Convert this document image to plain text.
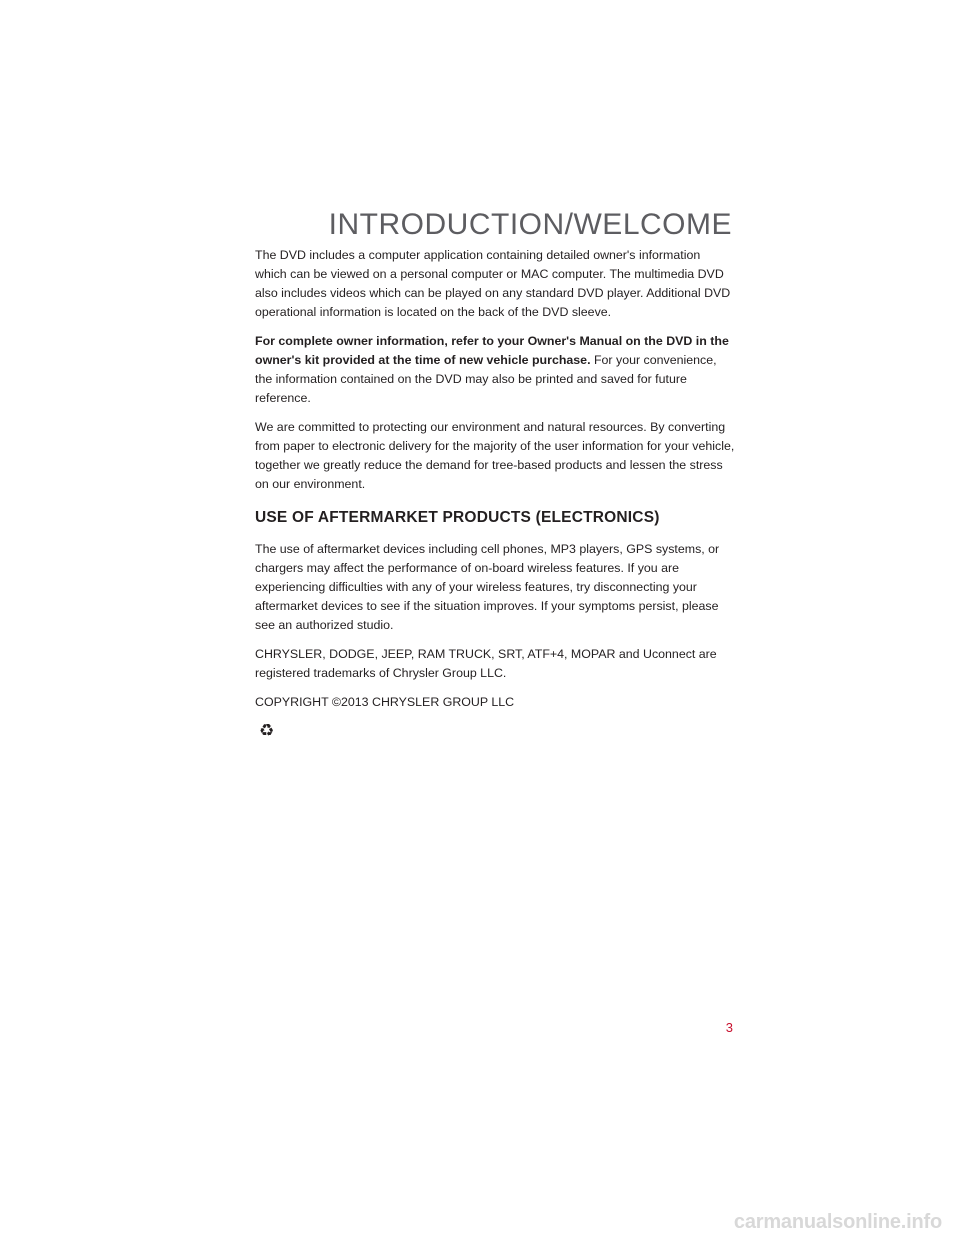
INTRODUCTION/WELCOME

The DVD includes a computer application containing detailed owner's information which can be viewed on a personal computer or MAC computer. The multimedia DVD also includes videos which can be played on any standard DVD player. Additional DVD operational information is located on the back of the DVD sleeve.

For complete owner information, refer to your Owner's Manual on the DVD in the owner's kit provided at the time of new vehicle purchase. For your convenience, the information contained on the DVD may also be printed and saved for future reference.

We are committed to protecting our environment and natural resources. By converting from paper to electronic delivery for the majority of the user information for your vehicle, together we greatly reduce the demand for tree-based products and lessen the stress on our environment.

USE OF AFTERMARKET PRODUCTS (ELECTRONICS)

The use of aftermarket devices including cell phones, MP3 players, GPS systems, or chargers may affect the performance of on-board wireless features. If you are experiencing difficulties with any of your wireless features, try disconnecting your aftermarket devices to see if the situation improves. If your symptoms persist, please see an authorized studio.

CHRYSLER, DODGE, JEEP, RAM TRUCK, SRT, ATF+4, MOPAR and Uconnect are registered trademarks of Chrysler Group LLC.

COPYRIGHT ©2013 CHRYSLER GROUP LLC

♻
3
carmanualsonline.info
